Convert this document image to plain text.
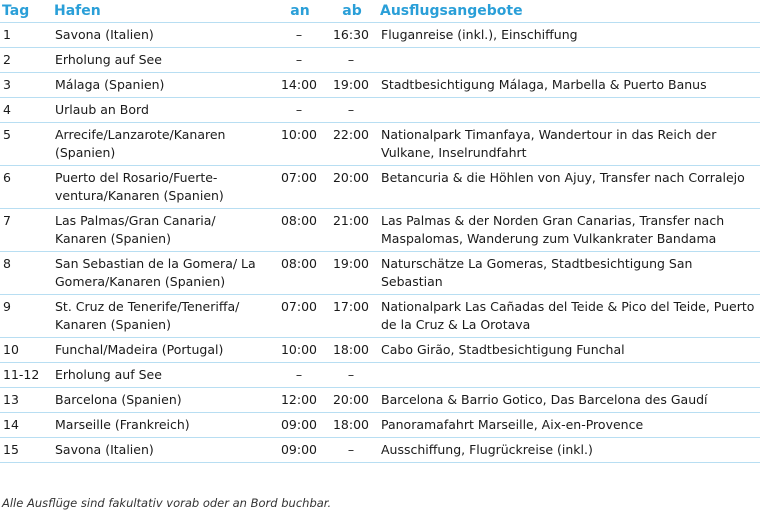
Tag	Hafen	an	ab	Ausflugsangebote
1	Savona (Italien)	–	16:30	Fluganreise (inkl.), Einschiffung
2	Erholung auf See	–	–	
3	Málaga (Spanien)	14:00	19:00	Stadtbesichtigung Málaga, Marbella & Puerto Banus
4	Urlaub an Bord	–	–	
5	Arrecife/Lanzarote/Kanaren (Spanien)	10:00	22:00	Nationalpark Timanfaya, Wandertour in das Reich der Vulkane, Inselrundfahrt
6	Puerto del Rosario/Fuerte-ventura/Kanaren (Spanien)	07:00	20:00	Betancuria & die Höhlen von Ajuy, Transfer nach Corralejo
7	Las Palmas/Gran Canaria/ Kanaren (Spanien)	08:00	21:00	Las Palmas & der Norden Gran Canarias, Transfer nach Maspalomas, Wanderung zum Vulkankrater Bandama
8	San Sebastian de la Gomera/ La Gomera/Kanaren (Spanien)	08:00	19:00	Naturschätze La Gomeras, Stadtbesichtigung San Sebastian
9	St. Cruz de Tenerife/Teneriffa/ Kanaren (Spanien)	07:00	17:00	Nationalpark Las Cañadas del Teide & Pico del Teide, Puerto de la Cruz & La Orotava
10	Funchal/Madeira (Portugal)	10:00	18:00	Cabo Girão, Stadtbesichtigung Funchal
11-12	Erholung auf See	–	–	
13	Barcelona (Spanien)	12:00	20:00	Barcelona & Barrio Gotico, Das Barcelona des Gaudí
14	Marseille (Frankreich)	09:00	18:00	Panoramafahrt Marseille, Aix-en-Provence
15	Savona (Italien)	09:00	–	Ausschiffung, Flugrückreise (inkl.)
Alle Ausflüge sind fakultativ vorab oder an Bord buchbar.
